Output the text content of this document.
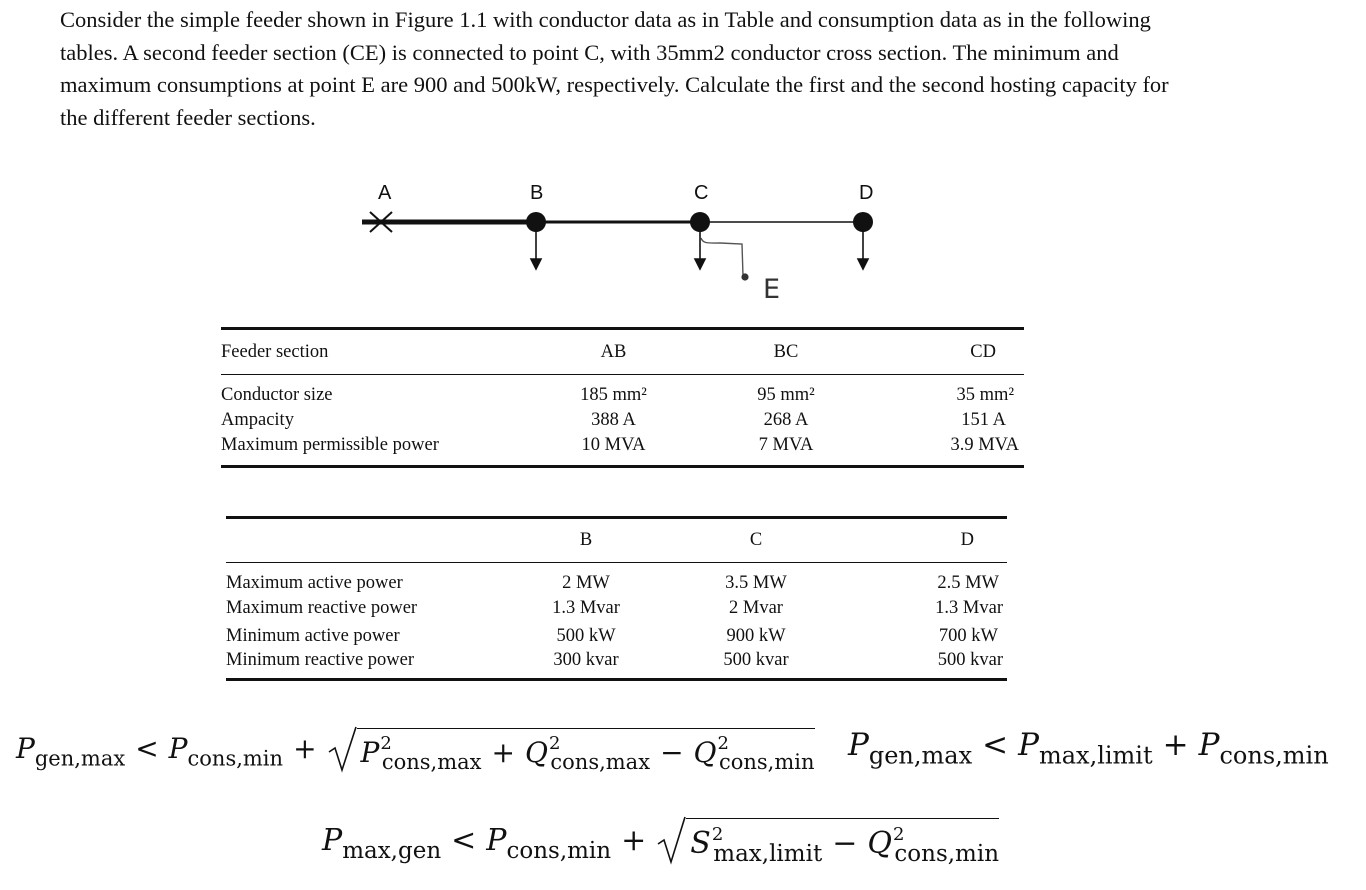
Consider the simple feeder shown in Figure 1.1 with conductor data as in Table and consumption data as in the following tables. A second feeder section (CE) is connected to point C, with 35mm2 conductor cross section. The minimum and maximum consumptions at point E are 900 and 500kW, respectively. Calculate the first and the second hosting capacity for the different feeder sections.

A	B	C	D
E
Feeder section	AB	BC	CD
Conductor size	185 mm²	95 mm²	35 mm²
Ampacity	388 A	268 A	151 A
Maximum permissible power	10 MVA	7 MVA	3.9 MVA
	B	C	D
Maximum active power	2 MW	3.5 MW	2.5 MW
Maximum reactive power	1.3 Mvar	2 Mvar	1.3 Mvar
Minimum active power	500 kW	900 kW	700 kW
Minimum reactive power	300 kvar	500 kvar	500 kvar
$P_{gen,max} < P_{cons,min} + P^2_{cons,max} + Q^2_{cons,max} - Q^2_{cons,min}$ $P_{gen,max} < P_{max,limit} + P_{cons,min}$
$P_{max,gen} < P_{cons,min} + S^2_{max,limit} - Q^2_{cons,min}$
